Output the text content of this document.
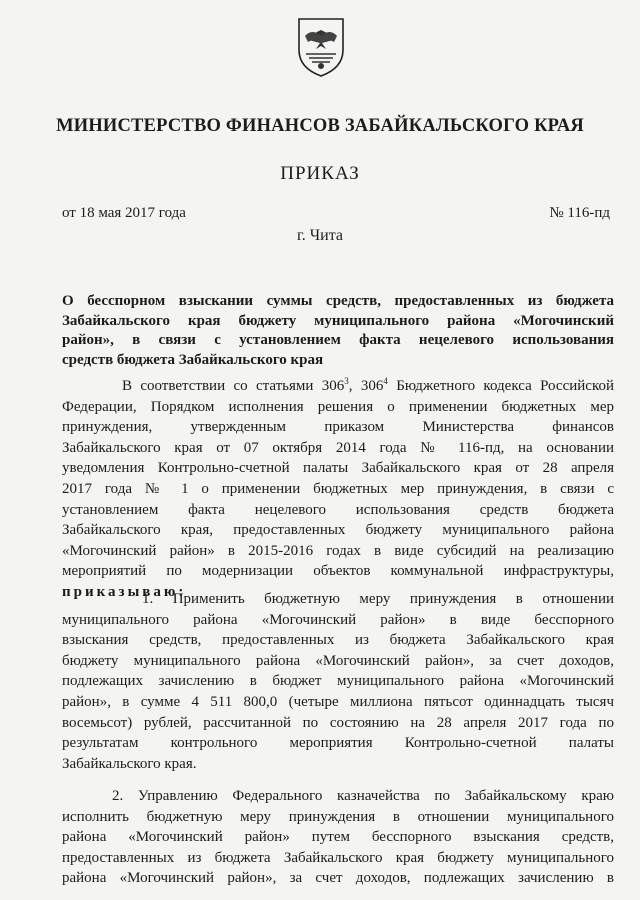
МИНИСТЕРСТВО ФИНАНСОВ ЗАБАЙКАЛЬСКОГО КРАЯ
ПРИКАЗ
от 18 мая 2017 года	№ 116-пд
г. Чита
О бесспорном взыскании суммы средств, предоставленных из бюджета
Забайкальского края бюджету муниципального района «Могочинский
район», в связи с установлением факта нецелевого использования
средств бюджета Забайкальского края
В соответствии со статьями $306^3$, $306^4$ Бюджетного кодекса Российской
Федерации, Порядком исполнения решения о применении бюджетных мер
принуждения, утвержденным приказом Министерства финансов
Забайкальского края от 07 октября 2014 года № 116-пд, на основании
уведомления Контрольно-счетной палаты Забайкальского края от 28 апреля
2017 года № 1 о применении бюджетных мер принуждения, в связи с
установлением факта нецелевого использования средств бюджета
Забайкальского края, предоставленных бюджету муниципального района
«Могочинский район» в 2015-2016 годах в виде субсидий на реализацию
мероприятий по модернизации объектов коммунальной инфраструктуры,
приказываю:
1. Применить бюджетную меру принуждения в отношении
муниципального района «Могочинский район» в виде бесспорного
взыскания средств, предоставленных из бюджета Забайкальского края
бюджету муниципального района «Могочинский район», за счет доходов,
подлежащих зачислению в бюджет муниципального района «Могочинский
район», в сумме 4 511 800,0 (четыре миллиона пятьсот одиннадцать тысяч
восемьсот) рублей, рассчитанной по состоянию на 28 апреля 2017 года по
результатам контрольного мероприятия Контрольно-счетной палаты
Забайкальского края.
2. Управлению Федерального казначейства по Забайкальскому краю
исполнить бюджетную меру принуждения в отношении муниципального
района «Могочинский район» путем бесспорного взыскания средств,
предоставленных из бюджета Забайкальского края бюджету муниципального
района «Могочинский район», за счет доходов, подлежащих зачислению в
